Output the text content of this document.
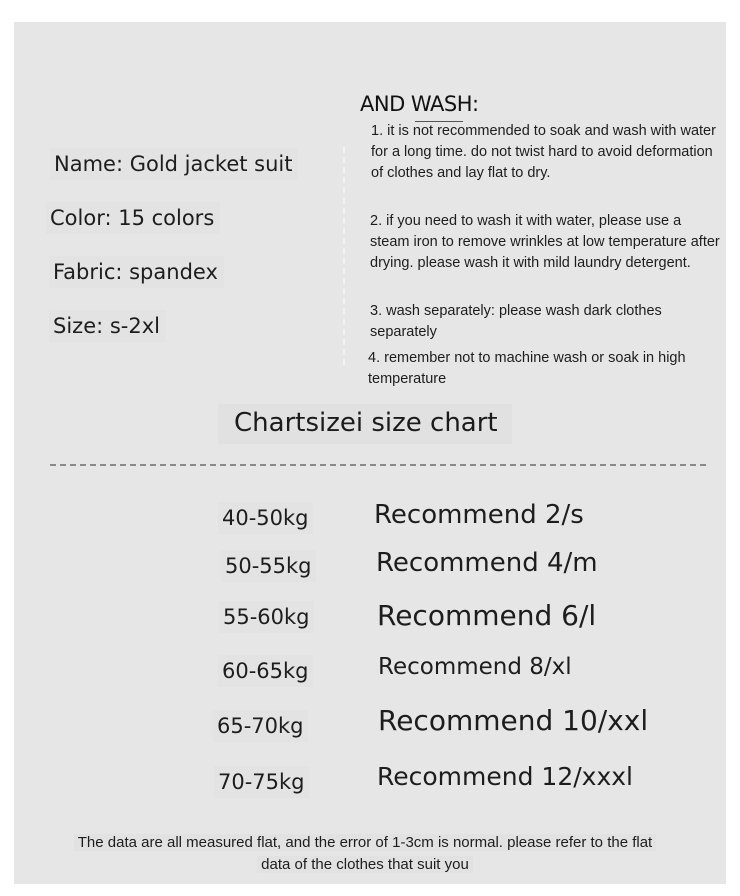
Name: Gold jacket suit
Color: 15 colors
Fabric: spandex
Size: s-2xl
AND WASH:
1. it is not recommended to soak and wash with water for a long time. do not twist hard to avoid deformation of clothes and lay flat to dry.
2. if you need to wash it with water, please use a steam iron to remove wrinkles at low temperature after drying. please wash it with mild laundry detergent.
3. wash separately: please wash dark clothes separately
4. remember not to machine wash or soak in high temperature
Chartsizei size chart
40-50kg	Recommend 2/s
50-55kg Recommend 4/m
55-60kg Recommend 6/l
60-65kg	Recommend 8/xl
65-70kg	Recommend 10/xxl
70-75kg	Recommend 12/xxxl
The data are all measured flat, and the error of 1-3cm is normal. please refer to the flat
data of the clothes that suit you
